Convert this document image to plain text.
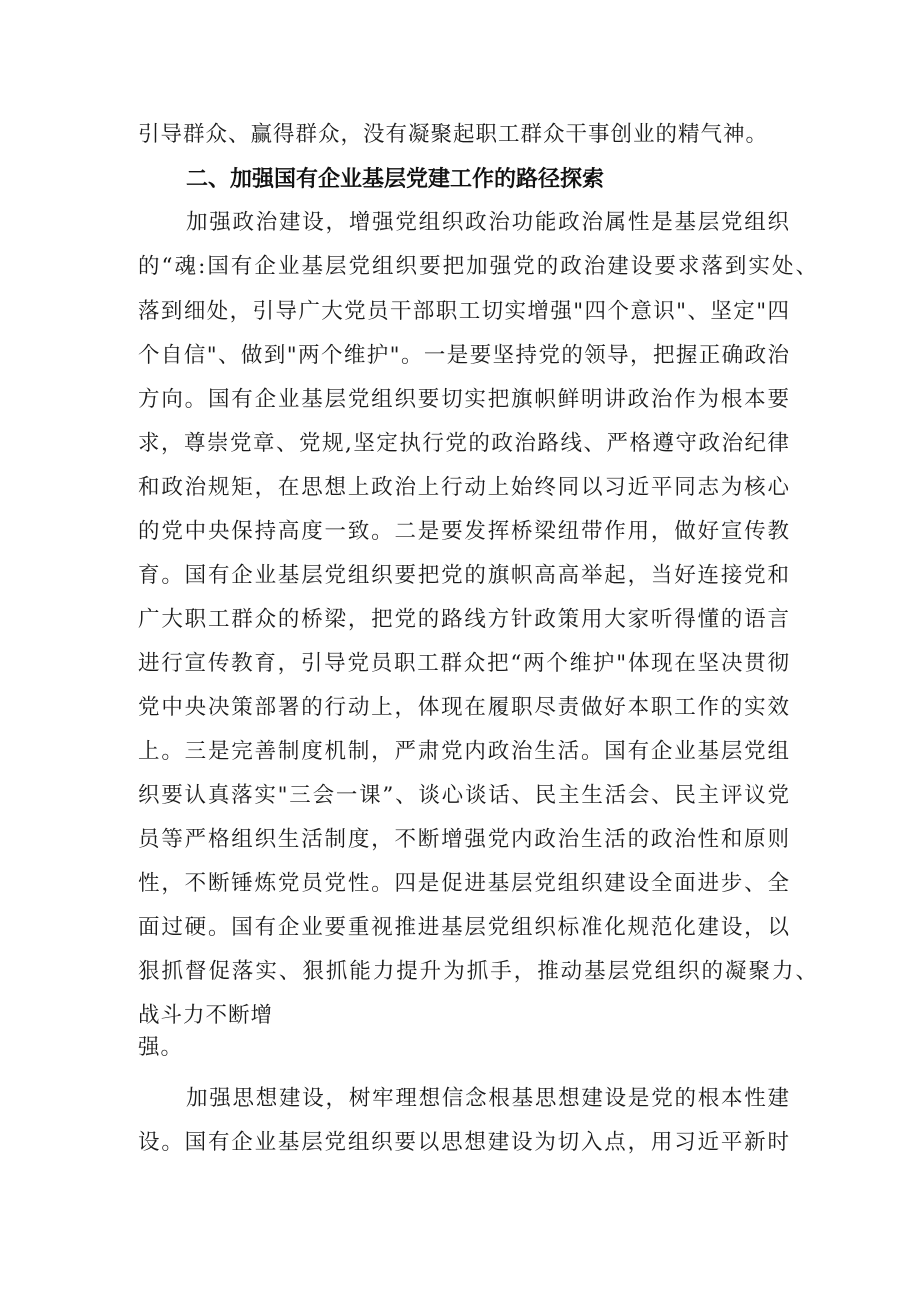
引导群众、赢得群众，没有凝聚起职工群众干事创业的精气神。
二、加强国有企业基层党建工作的路径探索
加强政治建设，增强党组织政治功能政治属性是基层党组织
的“魂:国有企业基层党组织要把加强党的政治建设要求落到实处、
落到细处，引导广大党员干部职工切实增强"四个意识"、坚定"四
个自信"、做到"两个维护"。一是要坚持党的领导，把握正确政治
方向。国有企业基层党组织要切实把旗帜鲜明讲政治作为根本要
求，尊崇党章、党规,坚定执行党的政治路线、严格遵守政治纪律
和政治规矩，在思想上政治上行动上始终同以习近平同志为核心
的党中央保持高度一致。二是要发挥桥梁纽带作用，做好宣传教
育。国有企业基层党组织要把党的旗帜高高举起，当好连接党和
广大职工群众的桥梁，把党的路线方针政策用大家听得懂的语言
进行宣传教育，引导党员职工群众把“两个维护"体现在坚决贯彻
党中央决策部署的行动上，体现在履职尽责做好本职工作的实效
上。三是完善制度机制，严肃党内政治生活。国有企业基层党组
织要认真落实"三会一课”、谈心谈话、民主生活会、民主评议党
员等严格组织生活制度，不断增强党内政治生活的政治性和原则
性，不断锤炼党员党性。四是促进基层党组织建设全面进步、全
面过硬。国有企业要重视推进基层党组织标准化规范化建设，以
狠抓督促落实、狠抓能力提升为抓手，推动基层党组织的凝聚力、
战斗力不断增
强。
加强思想建设，树牢理想信念根基思想建设是党的根本性建
设。国有企业基层党组织要以思想建设为切入点，用习近平新时
